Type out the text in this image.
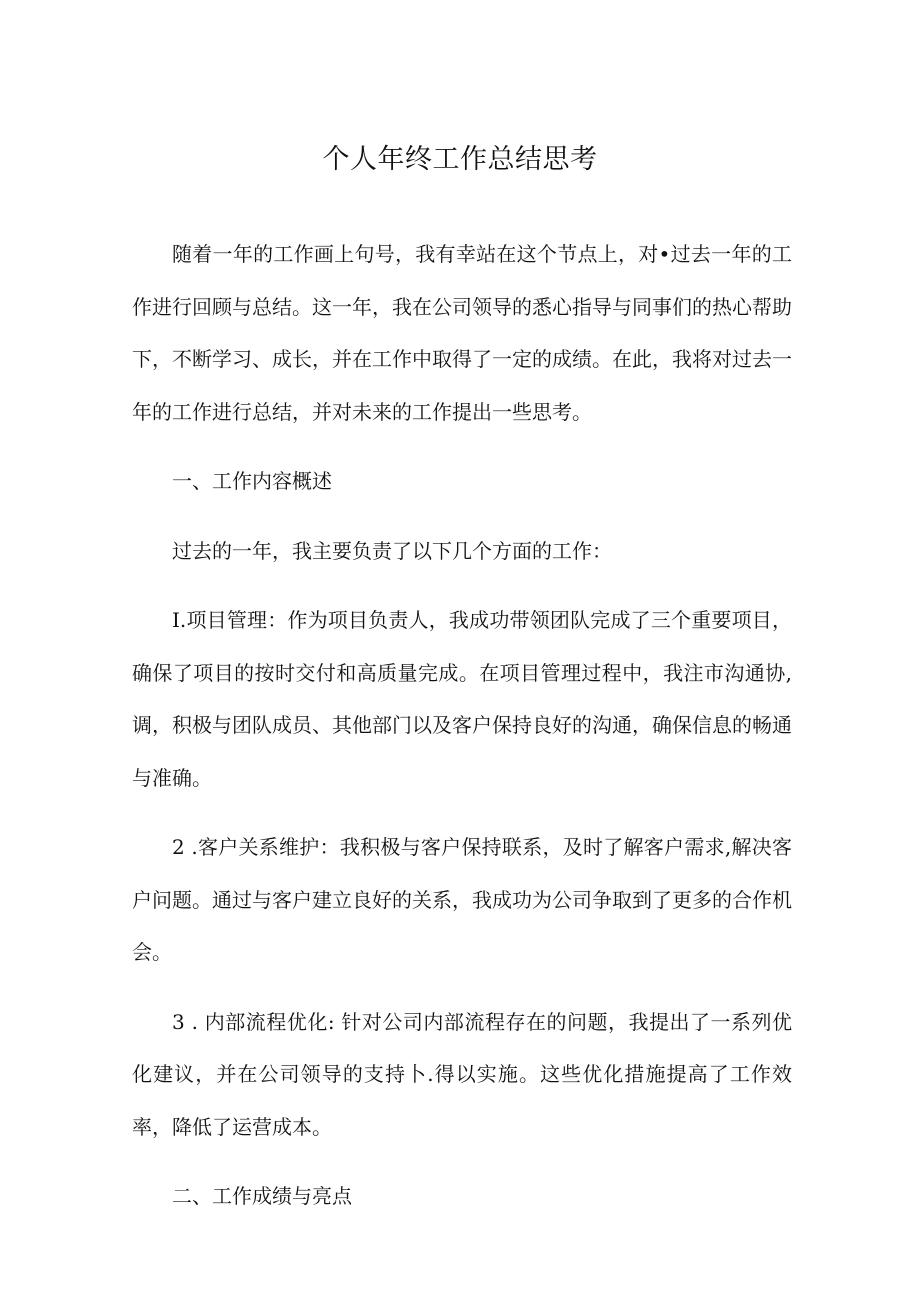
个人年终工作总结思考

随着一年的工作画上句号，我有幸站在这个节点上，对•过去一年的工作进行回顾与总结。这一年，我在公司领导的悉心指导与同事们的热心帮助下，不断学习、成长，并在工作中取得了一定的成绩。在此，我将对过去一年的工作进行总结，并对未来的工作提出一些思考。

一、工作内容概述

过去的一年，我主要负责了以下几个方面的工作：

I.项目管理：作为项目负责人，我成功带领团队完成了三个重要项目，确保了项目的按时交付和高质量完成。在项目管理过程中，我注市沟通协,调，积极与团队成员、其他部门以及客户保持良好的沟通，确保信息的畅通与准确。

2 .客户关系维护：我积极与客户保持联系，及时了解客户需求,解决客户问题。通过与客户建立良好的关系，我成功为公司争取到了更多的合作机会。

3 . 内部流程优化: 针对公司内部流程存在的问题，我提出了一系列优化建议，并在公司领导的支持卜.得以实施。这些优化措施提高了工作效率，降低了运营成本。

二、工作成绩与亮点
